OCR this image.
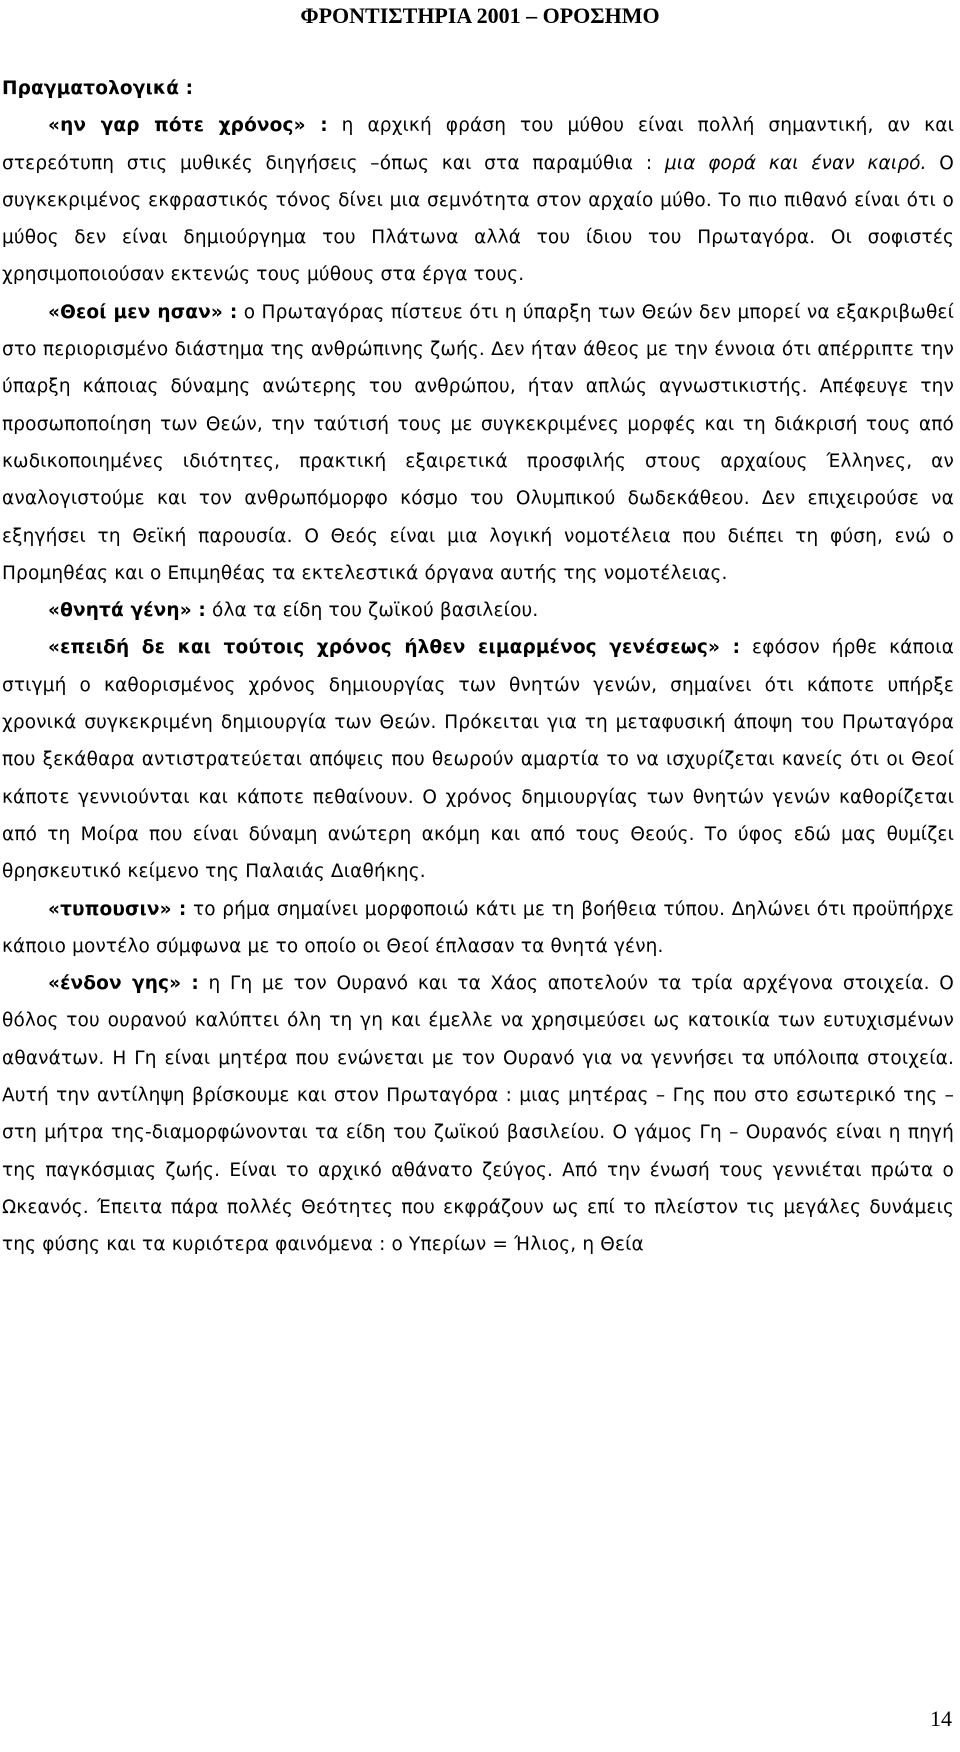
ΦΡΟΝΤΙΣΤΗΡΙΑ 2001 – ΟΡΟΣΗΜΟ

Πραγματολογικά :

«ην γαρ πότε χρόνος» : η αρχική φράση του μύθου είναι πολλή σημαντική, αν και στερεότυπη στις μυθικές διηγήσεις –όπως και στα παραμύθια : μια φορά και έναν καιρό. Ο συγκεκριμένος εκφραστικός τόνος δίνει μια σεμνότητα στον αρχαίο μύθο. Το πιο πιθανό είναι ότι ο μύθος δεν είναι δημιούργημα του Πλάτωνα αλλά του ίδιου του Πρωταγόρα. Οι σοφιστές χρησιμοποιούσαν εκτενώς τους μύθους στα έργα τους.

«Θεοί μεν ησαν» : ο Πρωταγόρας πίστευε ότι η ύπαρξη των Θεών δεν μπορεί να εξακριβωθεί στο περιορισμένο διάστημα της ανθρώπινης ζωής. Δεν ήταν άθεος με την έννοια ότι απέρριπτε την ύπαρξη κάποιας δύναμης ανώτερης του ανθρώπου, ήταν απλώς αγνωστικιστής. Απέφευγε την προσωποποίηση των Θεών, την ταύτισή τους με συγκεκριμένες μορφές και τη διάκρισή τους από κωδικοποιημένες ιδιότητες, πρακτική εξαιρετικά προσφιλής στους αρχαίους Έλληνες, αν αναλογιστούμε και τον ανθρωπόμορφο κόσμο του Ολυμπικού δωδεκάθεου. Δεν επιχειρούσε να εξηγήσει τη Θεϊκή παρουσία. Ο Θεός είναι μια λογική νομοτέλεια που διέπει τη φύση, ενώ ο Προμηθέας και ο Επιμηθέας τα εκτελεστικά όργανα αυτής της νομοτέλειας.

«θνητά γένη» : όλα τα είδη του ζωϊκού βασιλείου.

«επειδή δε και τούτοις χρόνος ήλθεν ειμαρμένος γενέσεως» : εφόσον ήρθε κάποια στιγμή ο καθορισμένος χρόνος δημιουργίας των θνητών γενών, σημαίνει ότι κάποτε υπήρξε χρονικά συγκεκριμένη δημιουργία των Θεών. Πρόκειται για τη μεταφυσική άποψη του Πρωταγόρα που ξεκάθαρα αντιστρατεύεται απόψεις που θεωρούν αμαρτία το να ισχυρίζεται κανείς ότι οι Θεοί κάποτε γεννιούνται και κάποτε πεθαίνουν. Ο χρόνος δημιουργίας των θνητών γενών καθορίζεται από τη Μοίρα που είναι δύναμη ανώτερη ακόμη και από τους Θεούς. Το ύφος εδώ μας θυμίζει θρησκευτικό κείμενο της Παλαιάς Διαθήκης.

«τυπουσιν» : το ρήμα σημαίνει μορφοποιώ κάτι με τη βοήθεια τύπου. Δηλώνει ότι προϋπήρχε κάποιο μοντέλο σύμφωνα με το οποίο οι Θεοί έπλασαν τα θνητά γένη.

«ένδον γης» : η Γη με τον Ουρανό και τα Χάος αποτελούν τα τρία αρχέγονα στοιχεία. Ο θόλος του ουρανού καλύπτει όλη τη γη και έμελλε να χρησιμεύσει ως κατοικία των ευτυχισμένων αθανάτων. Η Γη είναι μητέρα που ενώνεται με τον Ουρανό για να γεννήσει τα υπόλοιπα στοιχεία. Αυτή την αντίληψη βρίσκουμε και στον Πρωταγόρα : μιας μητέρας – Γης που στο εσωτερικό της –στη μήτρα της-διαμορφώνονται τα είδη του ζωϊκού βασιλείου. Ο γάμος Γη – Ουρανός είναι η πηγή της παγκόσμιας ζωής. Είναι το αρχικό αθάνατο ζεύγος. Από την ένωσή τους γεννιέται πρώτα ο Ωκεανός. Έπειτα πάρα πολλές Θεότητες που εκφράζουν ως επί το πλείστον τις μεγάλες δυνάμεις της φύσης και τα κυριότερα φαινόμενα : ο Υπερίων = Ήλιος, η Θεία

14
